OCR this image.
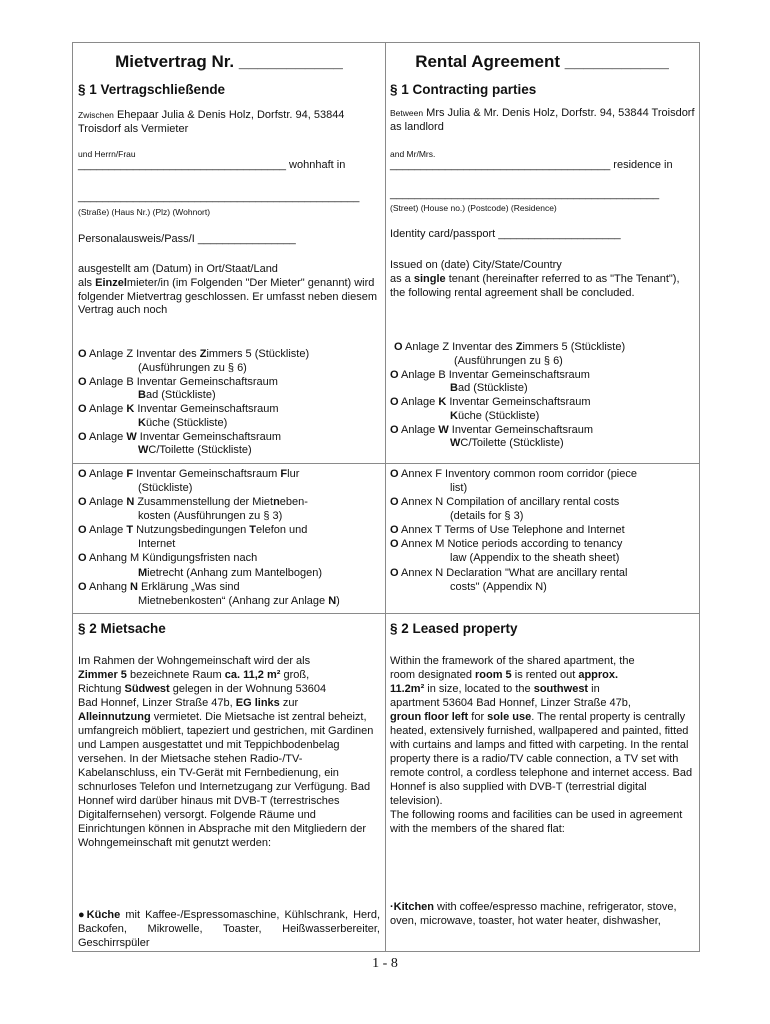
Mietvertrag Nr. ___________
§ 1 Vertragschließende
Zwischen Ehepaar Julia & Denis Holz, Dorfstr. 94, 53844 Troisdorf als Vermieter
und Herrn/Frau
__________________________________ wohnhaft in
______________________________________________
(Straße) (Haus Nr.) (Plz) (Wohnort)
Personalausweis/Pass/I ________________
ausgestellt am (Datum) in Ort/Staat/Land
als Einzelmieter/in (im Folgenden "Der Mieter" genannt) wird folgender Mietvertrag geschlossen. Er umfasst neben diesem Vertrag auch noch
O Anlage Z Inventar des Zimmers 5 (Stückliste)
(Ausführungen zu § 6)
O Anlage B Inventar Gemeinschaftsraum
Bad (Stückliste)
O Anlage K Inventar Gemeinschaftsraum
Küche (Stückliste)
O Anlage W Inventar Gemeinschaftsraum
WC/Toilette (Stückliste)
O Anlage F Inventar Gemeinschaftsraum Flur
(Stückliste)
O Anlage N Zusammenstellung der Mietneben-
kosten (Ausführungen zu § 3)
O Anlage T Nutzungsbedingungen Telefon und
Internet
O Anhang M Kündigungsfristen nach
Mietrecht (Anhang zum Mantelbogen)
O Anhang N Erklärung „Was sind
Mietnebenkosten“ (Anhang zur Anlage N)
§ 2 Mietsache
Im Rahmen der Wohngemeinschaft wird der als
Zimmer 5 bezeichnete Raum ca. 11,2 m² groß,
Richtung Südwest gelegen in der Wohnung 53604
Bad Honnef, Linzer Straße 47b, EG links zur
Alleinnutzung vermietet. Die Mietsache ist zentral beheizt, umfangreich möbliert, tapeziert und gestrichen, mit Gardinen und Lampen ausgestattet und mit Teppichbodenbelag versehen. In der Mietsache stehen Radio-/TV-Kabelanschluss, ein TV-Gerät mit Fernbedienung, ein schnurloses Telefon und Internetzugang zur Verfügung. Bad Honnef wird darüber hinaus mit DVB-T (terrestrisches Digitalfernsehen) versorgt. Folgende Räume und Einrichtungen können in Absprache mit den Mitgliedern der Wohngemeinschaft mit genutzt werden:
●Küche mit Kaffee-/Espressomaschine, Kühlschrank, Herd, Backofen, Mikrowelle, Toaster, Heißwasserbereiter, Geschirrspüler
Rental Agreement ___________
§ 1 Contracting parties
Between Mrs Julia & Mr. Denis Holz, Dorfstr. 94, 53844 Troisdorf as landlord
and Mr/Mrs.
____________________________________ residence in
____________________________________________
(Street) (House no.) (Postcode) (Residence)
Identity card/passport ____________________
Issued on (date) City/State/Country
as a single tenant (hereinafter referred to as "The Tenant"), the following rental agreement shall be concluded.
O Anlage Z Inventar des Zimmers 5 (Stückliste)
(Ausführungen zu § 6)
O Anlage B Inventar Gemeinschaftsraum
Bad (Stückliste)
O Anlage K Inventar Gemeinschaftsraum
Küche (Stückliste)
O Anlage W Inventar Gemeinschaftsraum
WC/Toilette (Stückliste)
O Annex F Inventory common room corridor (piece
list)
O Annex N Compilation of ancillary rental costs
(details for § 3)
O Annex T Terms of Use Telephone and Internet
O Annex M Notice periods according to tenancy
law (Appendix to the sheath sheet)
O Annex N Declaration "What are ancillary rental
costs" (Appendix N)
§ 2 Leased property
Within the framework of the shared apartment, the
room designated room 5 is rented out approx.
11.2m² in size, located to the southwest in
apartment 53604 Bad Honnef, Linzer Straße 47b,
groun floor left for sole use. The rental property is centrally heated, extensively furnished, wallpapered and painted, fitted with curtains and lamps and fitted with carpeting. In the rental property there is a radio/TV cable connection, a TV set with remote control, a cordless telephone and internet access. Bad Honnef is also supplied with DVB-T (terrestrial digital television).
The following rooms and facilities can be used in agreement with the members of the shared flat:
·Kitchen with coffee/espresso machine, refrigerator, stove, oven, microwave, toaster, hot water heater, dishwasher,
1 - 8
